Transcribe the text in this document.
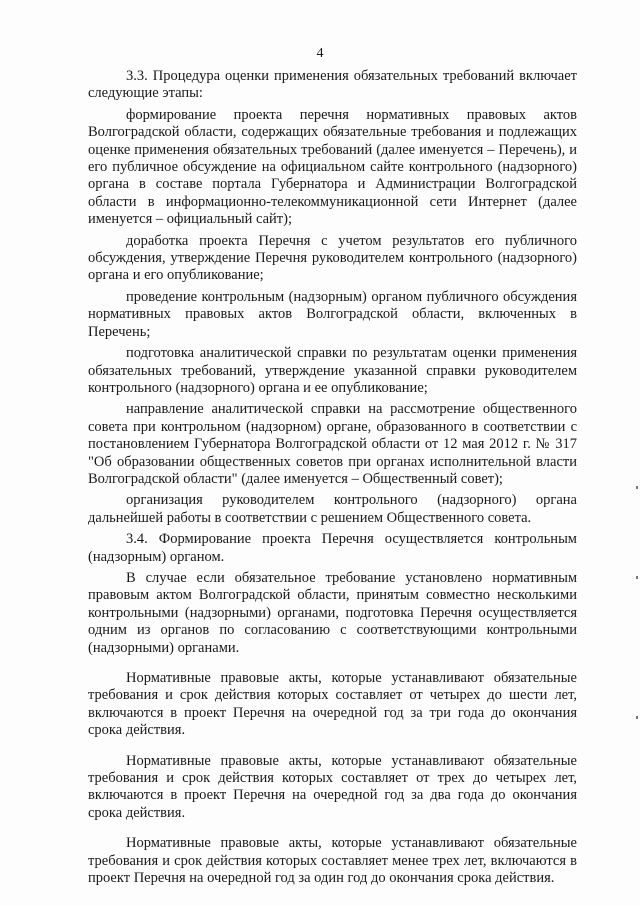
4

3.3. Процедура оценки применения обязательных требований включает следующие этапы:

формирование проекта перечня нормативных правовых актов Волгоградской области, содержащих обязательные требования и подлежащих оценке применения обязательных требований (далее именуется – Перечень), и его публичное обсуждение на официальном сайте контрольного (надзорного) органа в составе портала Губернатора и Администрации Волгоградской области в информационно-телекоммуникационной сети Интернет (далее именуется – официальный сайт);

доработка проекта Перечня с учетом результатов его публичного обсуждения, утверждение Перечня руководителем контрольного (надзорного) органа и его опубликование;

проведение контрольным (надзорным) органом публичного обсуждения нормативных правовых актов Волгоградской области, включенных в Перечень;

подготовка аналитической справки по результатам оценки применения обязательных требований, утверждение указанной справки руководителем контрольного (надзорного) органа и ее опубликование;

направление аналитической справки на рассмотрение общественного совета при контрольном (надзорном) органе, образованного в соответствии с постановлением Губернатора Волгоградской области от 12 мая 2012 г. № 317 "Об образовании общественных советов при органах исполнительной власти Волгоградской области" (далее именуется – Общественный совет);

организация руководителем контрольного (надзорного) органа дальнейшей работы в соответствии с решением Общественного совета.

3.4. Формирование проекта Перечня осуществляется контрольным (надзорным) органом.

В случае если обязательное требование установлено нормативным правовым актом Волгоградской области, принятым совместно несколькими контрольными (надзорными) органами, подготовка Перечня осуществляется одним из органов по согласованию с соответствующими контрольными (надзорными) органами.

Нормативные правовые акты, которые устанавливают обязательные требования и срок действия которых составляет от четырех до шести лет, включаются в проект Перечня на очередной год за три года до окончания срока действия.

Нормативные правовые акты, которые устанавливают обязательные требования и срок действия которых составляет от трех до четырех лет, включаются в проект Перечня на очередной год за два года до окончания срока действия.

Нормативные правовые акты, которые устанавливают обязательные требования и срок действия которых составляет менее трех лет, включаются в проект Перечня на очередной год за один год до окончания срока действия.
